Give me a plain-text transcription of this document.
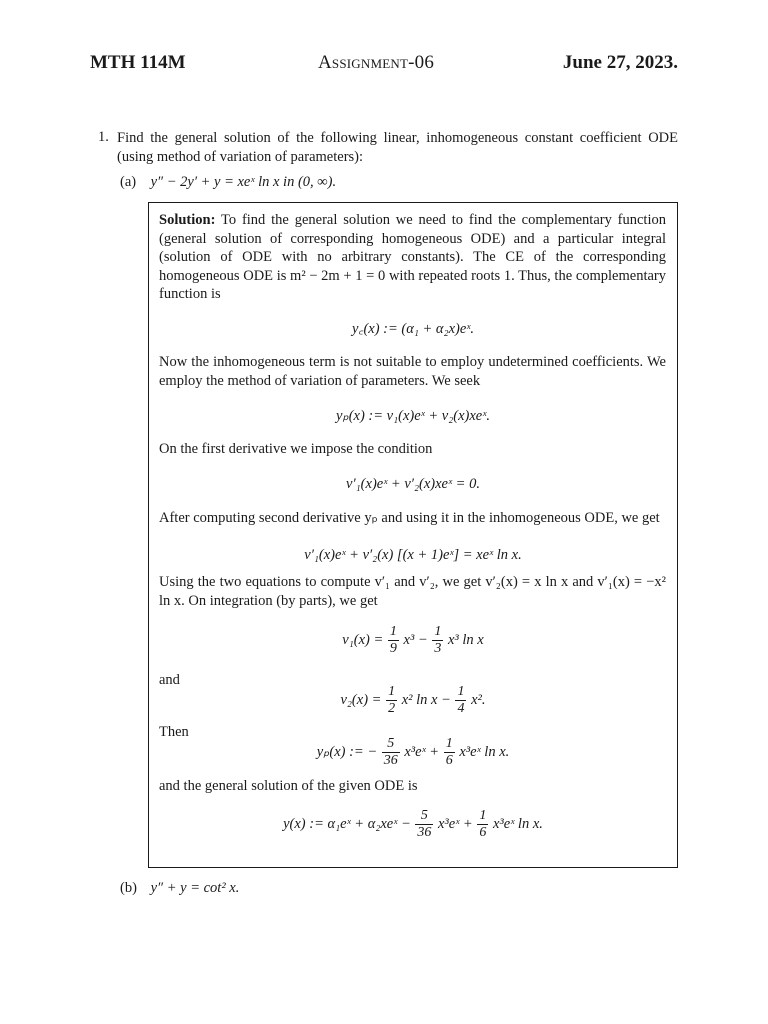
MTH 114M	Assignment-06	June 27, 2023.
1. Find the general solution of the following linear, inhomogeneous constant coefficient ODE (using method of variation of parameters):
(a) y″ − 2y′ + y = xeˣ ln x in (0, ∞).
Solution: To find the general solution we need to find the complementary function (general solution of corresponding homogeneous ODE) and a particular integral (solution of ODE with no arbitrary constants). The CE of the corresponding homogeneous ODE is m² − 2m + 1 = 0 with repeated roots 1. Thus, the complementary function is
y꜀(x) := (α₁ + α₂x)eˣ.
Now the inhomogeneous term is not suitable to employ undetermined coefficients. We employ the method of variation of parameters. We seek
yₚ(x) := v₁(x)eˣ + v₂(x)xeˣ.
On the first derivative we impose the condition
v′₁(x)eˣ + v′₂(x)xeˣ = 0.
After computing second derivative yₚ and using it in the inhomogeneous ODE, we get
v′₁(x)eˣ + v′₂(x) [(x + 1)eˣ] = xeˣ ln x.
Using the two equations to compute v′₁ and v′₂, we get v′₂(x) = x ln x and v′₁(x) = −x² ln x. On integration (by parts), we get
$v_1(x) = \frac{1}{9} x^3 - \frac{1}{3} x^3$ ln x
and
$v_2(x) = \frac{1}{2} x^2$ $\ln x - \frac{1}{4} x^2$.
Then
yₚ(x) := − $\frac{5}{36}$ x³eˣ + $\frac{1}{6}$ x³eˣ ln x.
and the general solution of the given ODE is
y(x) := α₁eˣ + α₂xeˣ − $\frac{5}{36}$ x³eˣ + $\frac{1}{6}$ x³eˣ ln x.
(b) y″ + y = cot² x.
